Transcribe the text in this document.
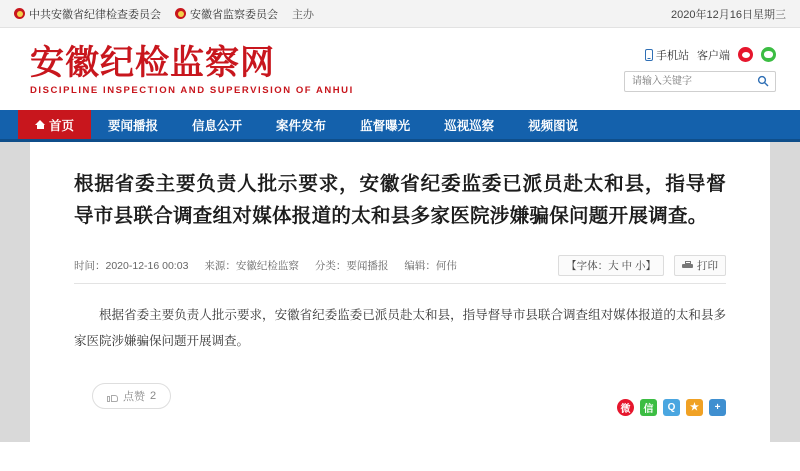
中共安徽省纪律检查委员会	安徽省监察委员会 主办	2020年12月16日星期三
安徽纪检监察网
DISCIPLINE INSPECTION AND SUPERVISION OF ANHUI
手机站 客户端
请输入关键字
首页	要闻播报	信息公开	案件发布	监督曝光	巡视巡察	视频图说
根据省委主要负责人批示要求，安徽省纪委监委已派员赴太和县，指导督导市县联合调查组对媒体报道的太和县多家医院涉嫌骗保问题开展调查。
时间：2020-12-16 00:03 来源：安徽纪检监察 分类：要闻播报 编辑：何伟	【字体：大 中 小】	打印

根据省委主要负责人批示要求，安徽省纪委监委已派员赴太和县，指导督导市县联合调查组对媒体报道的太和县多家医院涉嫌骗保问题开展调查。

点赞 2
微	信	Q	★	+
